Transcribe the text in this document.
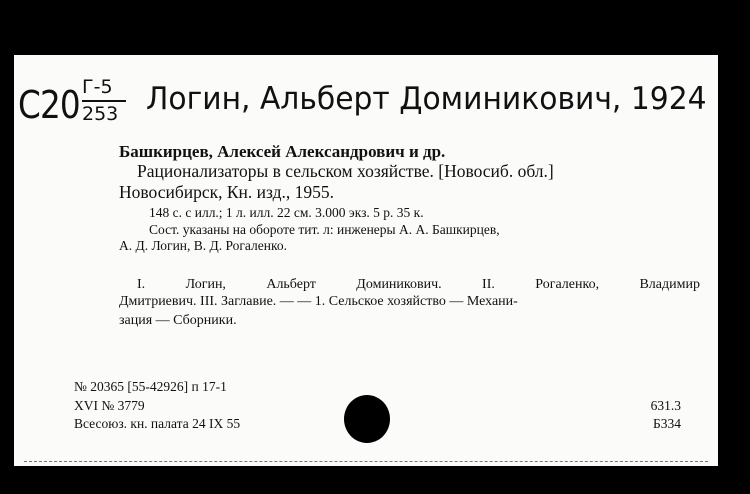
С20 Г-5
253 Логин, Альберт Доминикович, 1924
Башкирцев, Алексей Александрович и др.
Рационализаторы в сельском хозяйстве. [Новосиб. обл.]
Новосибирск, Кн. изд., 1955.
148 с. с илл.; 1 л. илл. 22 см. 3.000 экз. 5 р. 35 к.
Сост. указаны на обороте тит. л: инженеры А. А. Башкирцев,
А. Д. Логин, В. Д. Рогаленко.
I.	Логин,	Альберт	Доминикович.	II.	Рогаленко,	Владимир
Дмитриевич. III. Заглавие. — — 1. Сельское хозяйство — Механи-
зация — Сборники.
№ 20365 [55-42926] п 17-1
XVI № 3779
Всесоюз. кн. палата 24 IX 55
631.3
Б334
